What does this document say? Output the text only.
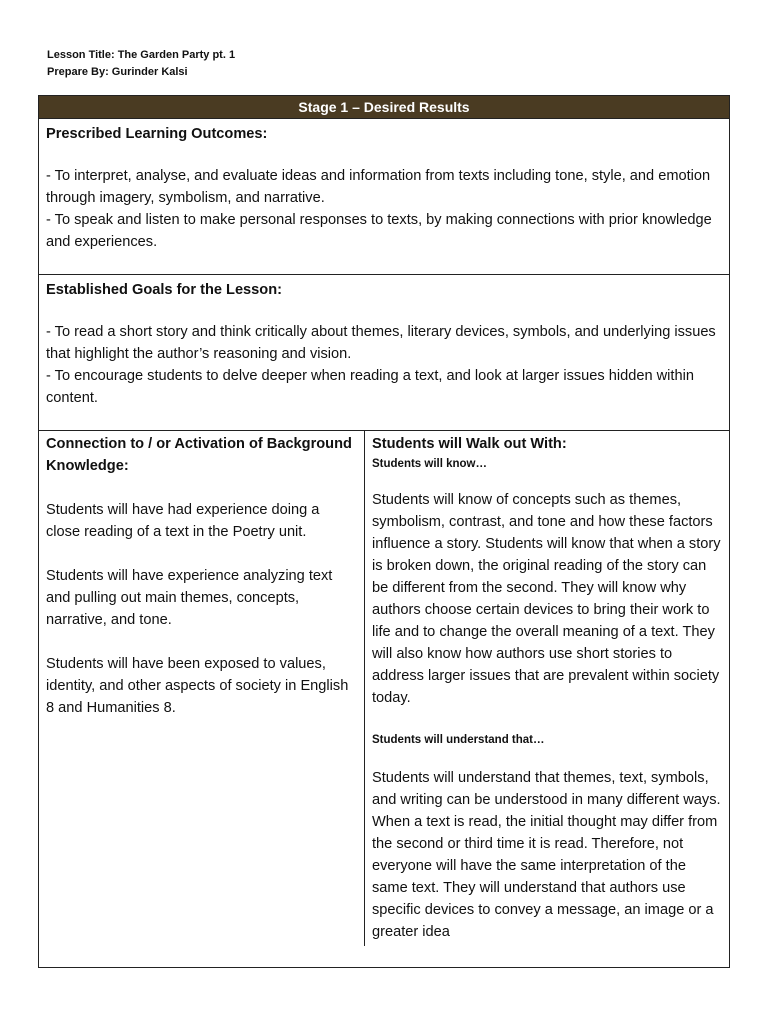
Lesson Title: The Garden Party pt. 1
Prepare By: Gurinder Kalsi
Stage 1 – Desired Results
Prescribed Learning Outcomes:

- To interpret, analyse, and evaluate ideas and information from texts including tone, style, and emotion through imagery, symbolism, and narrative.

- To speak and listen to make personal responses to texts, by making connections with prior knowledge and experiences.

Established Goals for the Lesson:

- To read a short story and think critically about themes, literary devices, symbols, and underlying issues that highlight the author’s reasoning and vision.

- To encourage students to delve deeper when reading a text, and look at larger issues hidden within content.

Connection to / or Activation of Background Knowledge:

Students will have had experience doing a close reading of a text in the Poetry unit.

Students will have experience analyzing text and pulling out main themes, concepts, narrative, and tone.

Students will have been exposed to values, identity, and other aspects of society in English 8 and Humanities 8.

Students will Walk out With:

Students will know…

Students will know of concepts such as themes, symbolism, contrast, and tone and how these factors influence a story. Students will know that when a story is broken down, the original reading of the story can be different from the second. They will know why authors choose certain devices to bring their work to life and to change the overall meaning of a text. They will also know how authors use short stories to address larger issues that are prevalent within society today.

Students will understand that…

Students will understand that themes, text, symbols, and writing can be understood in many different ways. When a text is read, the initial thought may differ from the second or third time it is read. Therefore, not everyone will have the same interpretation of the same text. They will understand that authors use specific devices to convey a message, an image or a greater idea
